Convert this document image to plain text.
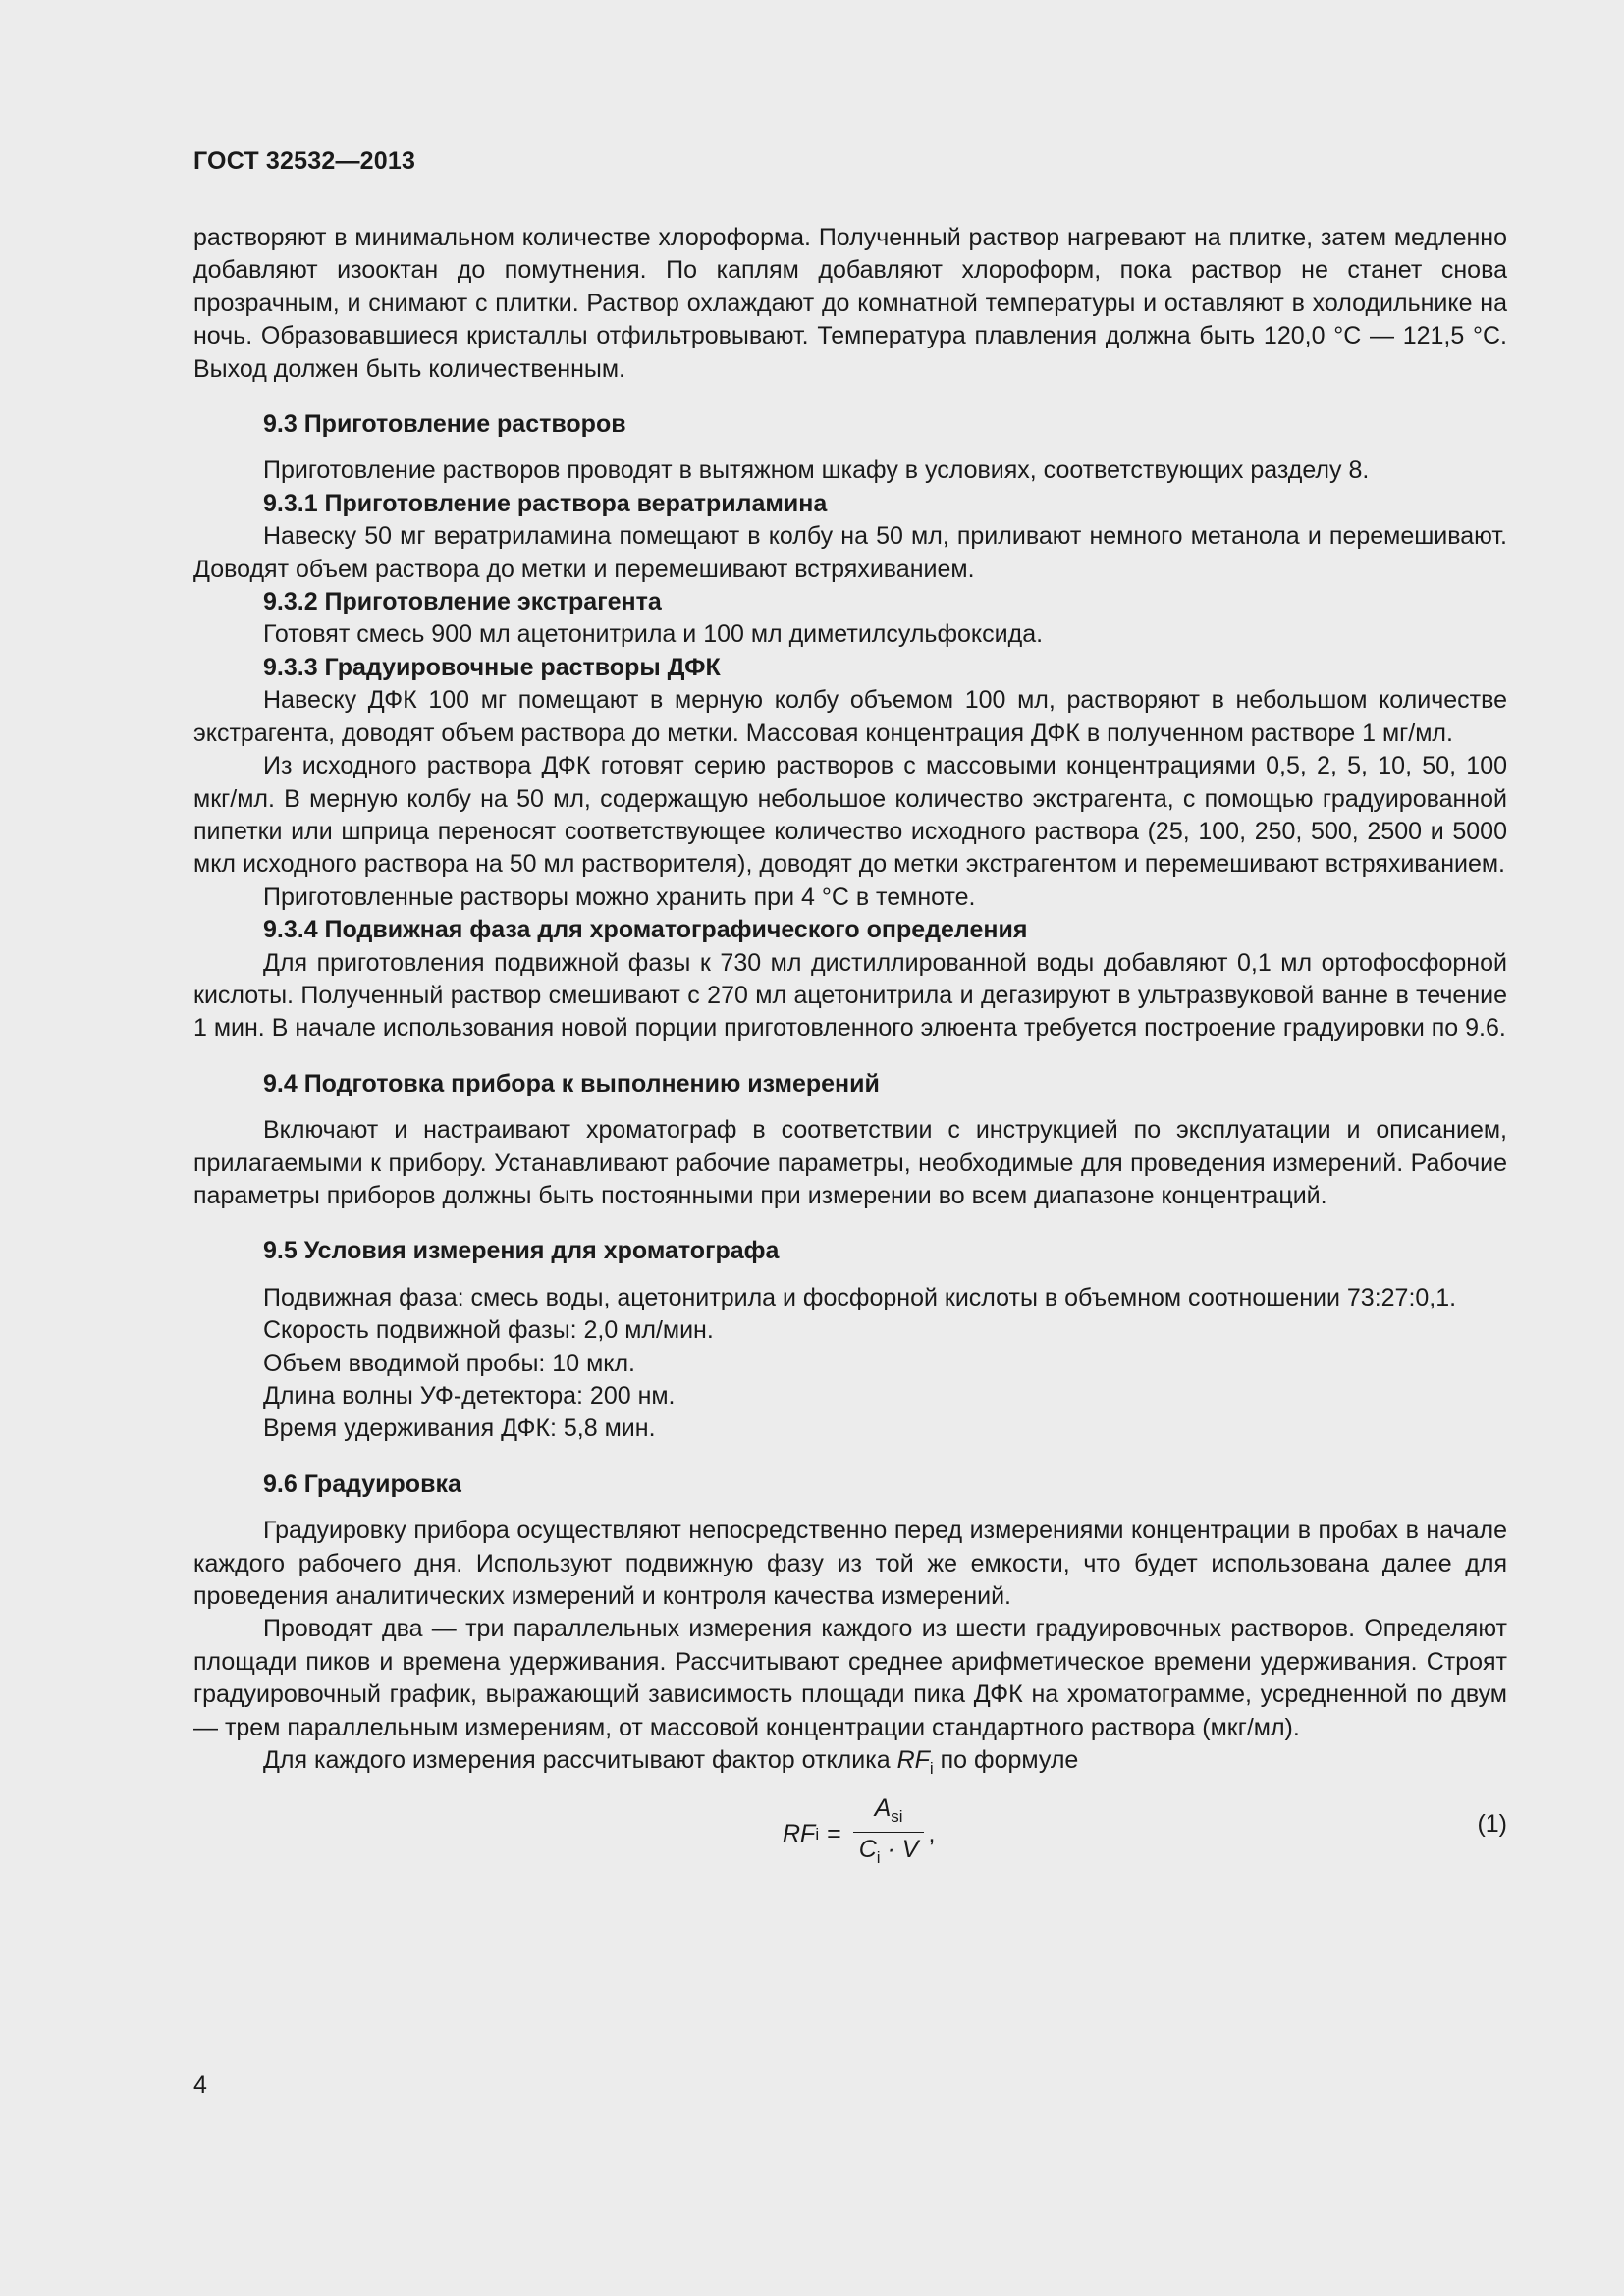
ГОСТ 32532—2013

растворяют в минимальном количестве хлороформа. Полученный раствор нагревают на плитке, затем медленно добавляют изооктан до помутнения. По каплям добавляют хлороформ, пока раствор не станет снова прозрачным, и снимают с плитки. Раствор охлаждают до комнатной температуры и оставляют в холодильнике на ночь. Образовавшиеся кристаллы отфильтровывают. Температура плавления должна быть 120,0 °С — 121,5 °С. Выход должен быть количественным.

9.3 Приготовление растворов

Приготовление растворов проводят в вытяжном шкафу в условиях, соответствующих разделу 8.

9.3.1 Приготовление раствора вератриламина

Навеску 50 мг вератриламина помещают в колбу на 50 мл, приливают немного метанола и перемешивают. Доводят объем раствора до метки и перемешивают встряхиванием.

9.3.2 Приготовление экстрагента

Готовят смесь 900 мл ацетонитрила и 100 мл диметилсульфоксида.

9.3.3 Градуировочные растворы ДФК

Навеску ДФК 100 мг помещают в мерную колбу объемом 100 мл, растворяют в небольшом количестве экстрагента, доводят объем раствора до метки. Массовая концентрация ДФК в полученном растворе 1 мг/мл.

Из исходного раствора ДФК готовят серию растворов с массовыми концентрациями 0,5, 2, 5, 10, 50, 100 мкг/мл. В мерную колбу на 50 мл, содержащую небольшое количество экстрагента, с помощью градуированной пипетки или шприца переносят соответствующее количество исходного раствора (25, 100, 250, 500, 2500 и 5000 мкл исходного раствора на 50 мл растворителя), доводят до метки экстрагентом и перемешивают встряхиванием.

Приготовленные растворы можно хранить при 4 °С в темноте.

9.3.4 Подвижная фаза для хроматографического определения

Для приготовления подвижной фазы к 730 мл дистиллированной воды добавляют 0,1 мл ортофосфорной кислоты. Полученный раствор смешивают с 270 мл ацетонитрила и дегазируют в ультразвуковой ванне в течение 1 мин. В начале использования новой порции приготовленного элюента требуется построение градуировки по 9.6.

9.4 Подготовка прибора к выполнению измерений

Включают и настраивают хроматограф в соответствии с инструкцией по эксплуатации и описанием, прилагаемыми к прибору. Устанавливают рабочие параметры, необходимые для проведения измерений. Рабочие параметры приборов должны быть постоянными при измерении во всем диапазоне концентраций.

9.5 Условия измерения для хроматографа

Подвижная фаза: смесь воды, ацетонитрила и фосфорной кислоты в объемном соотношении 73:27:0,1.

Скорость подвижной фазы: 2,0 мл/мин.

Объем вводимой пробы: 10 мкл.

Длина волны УФ-детектора: 200 нм.

Время удерживания ДФК: 5,8 мин.

9.6 Градуировка

Градуировку прибора осуществляют непосредственно перед измерениями концентрации в пробах в начале каждого рабочего дня. Используют подвижную фазу из той же емкости, что будет использована далее для проведения аналитических измерений и контроля качества измерений.

Проводят два — три параллельных измерения каждого из шести градуировочных растворов. Определяют площади пиков и времена удерживания. Рассчитывают среднее арифметическое времени удерживания. Строят градуировочный график, выражающий зависимость площади пика ДФК на хроматограмме, усредненной по двум — трем параллельным измерениям, от массовой концентрации стандартного раствора (мкг/мл).

Для каждого измерения рассчитывают фактор отклика $RF_i$ по формуле

RF $i = \frac{A_{si}}{C_i \cdot V}$ ,	(1)
4
